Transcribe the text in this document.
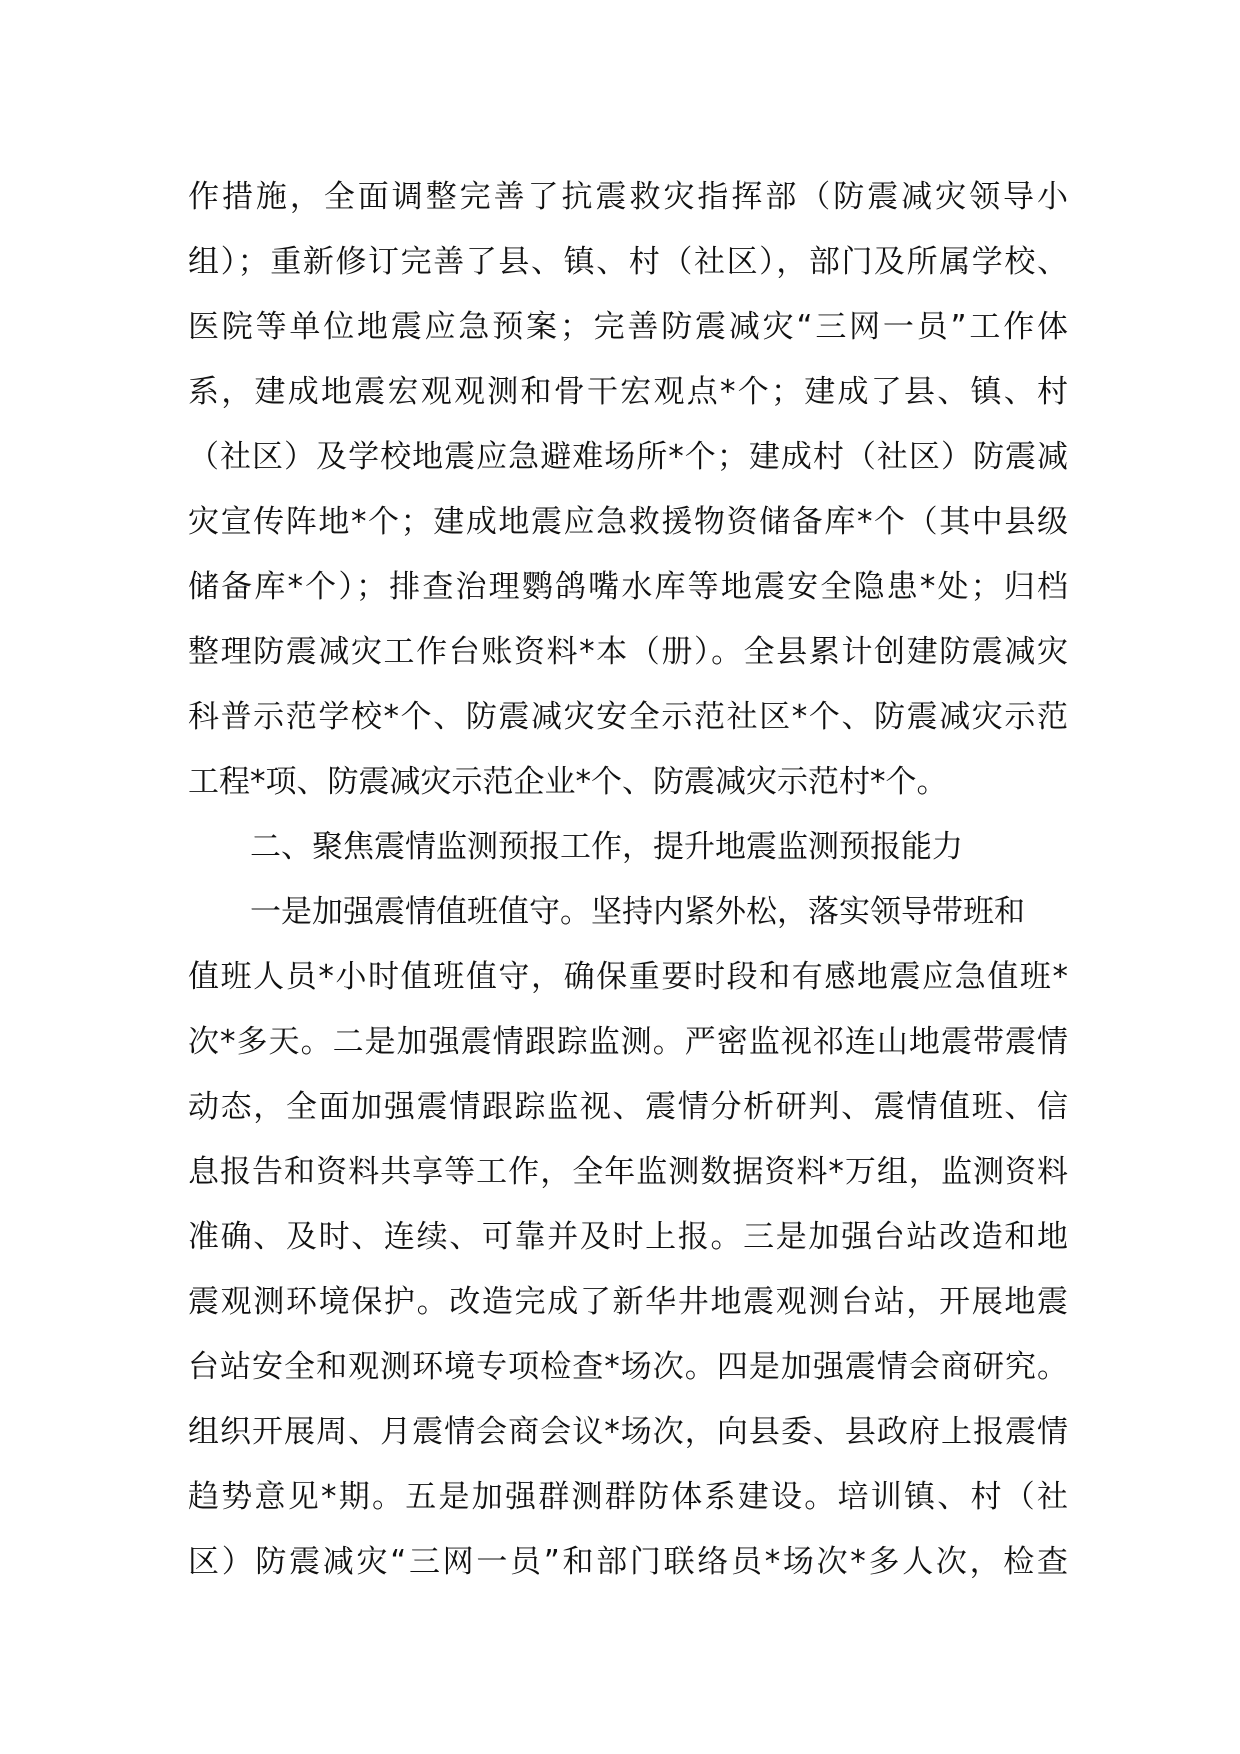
作措施，全面调整完善了抗震救灾指挥部（防震减灾领导小
组）；重新修订完善了县、镇、村（社区），部门及所属学校、
医院等单位地震应急预案；完善防震减灾“三网一员”工作体
系，建成地震宏观观测和骨干宏观点*个；建成了县、镇、村
（社区）及学校地震应急避难场所*个；建成村（社区）防震减
灾宣传阵地*个；建成地震应急救援物资储备库*个（其中县级
储备库*个）；排查治理鹦鸽嘴水库等地震安全隐患*处；归档
整理防震减灾工作台账资料*本（册）。全县累计创建防震减灾
科普示范学校*个、防震减灾安全示范社区*个、防震减灾示范
工程*项、防震减灾示范企业*个、防震减灾示范村*个。
二、聚焦震情监测预报工作，提升地震监测预报能力
一是加强震情值班值守。坚持内紧外松，落实领导带班和
值班人员*小时值班值守，确保重要时段和有感地震应急值班*
次*多天。二是加强震情跟踪监测。严密监视祁连山地震带震情
动态，全面加强震情跟踪监视、震情分析研判、震情值班、信
息报告和资料共享等工作，全年监测数据资料*万组，监测资料
准确、及时、连续、可靠并及时上报。三是加强台站改造和地
震观测环境保护。改造完成了新华井地震观测台站，开展地震
台站安全和观测环境专项检查*场次。四是加强震情会商研究。
组织开展周、月震情会商会议*场次，向县委、县政府上报震情
趋势意见*期。五是加强群测群防体系建设。培训镇、村（社
区）防震减灾“三网一员”和部门联络员*场次*多人次，检查
